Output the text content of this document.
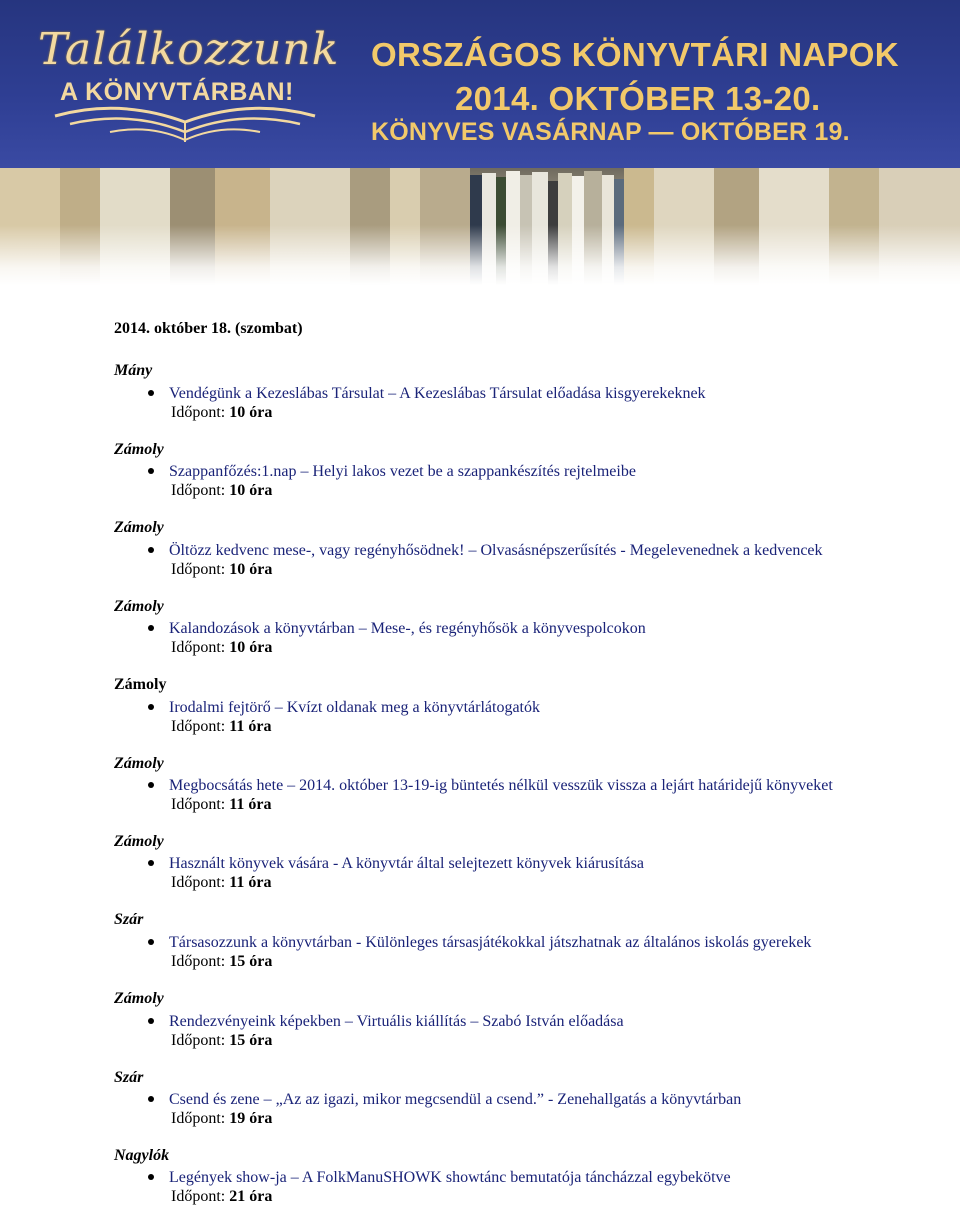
Találkozzunk
A KÖNYVTÁRBAN!
ORSZÁGOS KÖNYVTÁRI NAPOK
2014. OKTÓBER 13-20.
KÖNYVES VASÁRNAP — OKTÓBER 19.
2014. október 18. (szombat)
Mány
Vendégünk a Kezeslábas Társulat – A Kezeslábas Társulat előadása kisgyerekeknek
Időpont: 10 óra
Zámoly
Szappanfőzés:1.nap – Helyi lakos vezet be a szappankészítés rejtelmeibe
Időpont: 10 óra
Zámoly
Öltözz kedvenc mese-, vagy regényhősödnek! – Olvasásnépszerűsítés - Megelevenednek a kedvencek
Időpont: 10 óra
Zámoly
Kalandozások a könyvtárban – Mese-, és regényhősök a könyvespolcokon
Időpont: 10 óra
Zámoly
Irodalmi fejtörő – Kvízt oldanak meg a könyvtárlátogatók
Időpont: 11 óra
Zámoly
Megbocsátás hete – 2014. október 13-19-ig büntetés nélkül vesszük vissza a lejárt határidejű könyveket
Időpont: 11 óra
Zámoly
Használt könyvek vására - A könyvtár által selejtezett könyvek kiárusítása
Időpont: 11 óra
Szár
Társasozzunk a könyvtárban - Különleges társasjátékokkal játszhatnak az általános iskolás gyerekek
Időpont: 15 óra
Zámoly
Rendezvényeink képekben – Virtuális kiállítás – Szabó István előadása
Időpont: 15 óra
Szár
Csend és zene – „Az az igazi, mikor megcsendül a csend.” - Zenehallgatás a könyvtárban
Időpont: 19 óra
Nagylók
Legények show-ja – A FolkManuSHOWK showtánc bemutatója táncházzal egybekötve
Időpont: 21 óra
